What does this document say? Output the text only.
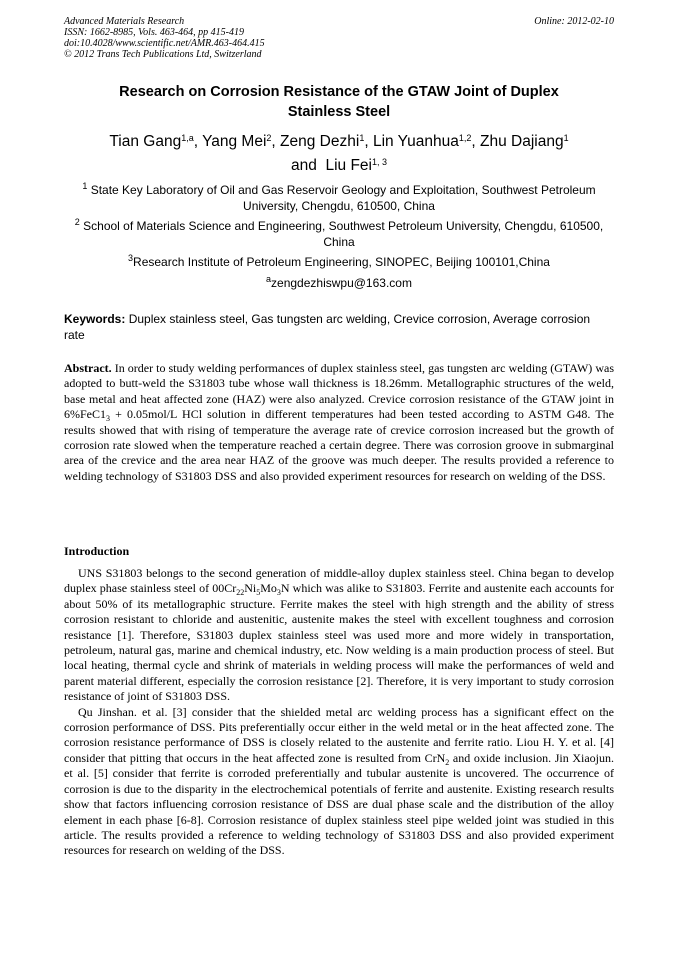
Advanced Materials Research
ISSN: 1662-8985, Vols. 463-464, pp 415-419
doi:10.4028/www.scientific.net/AMR.463-464.415
© 2012 Trans Tech Publications Ltd, Switzerland
Online: 2012-02-10
Research on Corrosion Resistance of the GTAW Joint of Duplex
Stainless Steel
Tian Gang$^{1,a}$, Yang Mei$^2$, Zeng Dezhi$^1$, Lin Yuanhua$^{1,2}$, Zhu Dajiang$^1$
and Liu Fei$^{1, 3}$
$^1$ State Key Laboratory of Oil and Gas Reservoir Geology and Exploitation, Southwest Petroleum
University, Chengdu, 610500, China
$^2$ School of Materials Science and Engineering, Southwest Petroleum University, Chengdu, 610500,
China
$^3$Research Institute of Petroleum Engineering, SINOPEC, Beijing 100101,China
$^a$zengdezhiswpu@163.com
Keywords: Duplex stainless steel, Gas tungsten arc welding, Crevice corrosion, Average corrosion rate
Abstract. In order to study welding performances of duplex stainless steel, gas tungsten arc welding (GTAW) was adopted to butt-weld the S31803 tube whose wall thickness is 18.26mm. Metallographic structures of the weld, base metal and heat affected zone (HAZ) were also analyzed. Crevice corrosion resistance of the GTAW joint in $6\%FeC1_3 + 0.05mol/L$ HCl solution in different temperatures had been tested according to ASTM G48. The results showed that with rising of temperature the average rate of crevice corrosion increased but the growth of corrosion rate slowed when the temperature reached a certain degree. There was corrosion groove in submarginal area of the crevice and the area near HAZ of the groove was much deeper. The results provided a reference to welding technology of S31803 DSS and also provided experiment resources for research on welding of the DSS.
Introduction

UNS S31803 belongs to the second generation of middle-alloy duplex stainless steel. China began to develop duplex phase stainless steel of $00Cr_{22}Ni_5Mo_3N$ which was alike to S31803. Ferrite and austenite each accounts for about 50% of its metallographic structure. Ferrite makes the steel with high strength and the ability of stress corrosion resistant to chloride and austenitic, austenite makes the steel with excellent toughness and corrosion resistance [1]. Therefore, S31803 duplex stainless steel was used more and more widely in transportation, petroleum, natural gas, marine and chemical industry, etc. Now welding is a main production process of steel. But local heating, thermal cycle and shrink of materials in welding process will make the performances of weld and parent material different, especially the corrosion resistance [2]. Therefore, it is very important to study corrosion resistance of joint of S31803 DSS.

Qu Jinshan. et al. [3] consider that the shielded metal arc welding process has a significant effect on the corrosion performance of DSS. Pits preferentially occur either in the weld metal or in the heat affected zone. The corrosion resistance performance of DSS is closely related to the austenite and ferrite ratio. Liou H. Y. et al. [4] consider that pitting that occurs in the heat affected zone is resulted from CrN$_2$ and oxide inclusion. Jin Xiaojun. et al. [5] consider that ferrite is corroded preferentially and tubular austenite is uncovered. The occurrence of corrosion is due to the disparity in the electrochemical potentials of ferrite and austenite. Existing research results show that factors influencing corrosion resistance of DSS are dual phase scale and the distribution of the alloy element in each phase [6-8]. Corrosion resistance of duplex stainless steel pipe welded joint was studied in this article. The results provided a reference to welding technology of S31803 DSS and also provided experiment resources for research on welding of the DSS.
